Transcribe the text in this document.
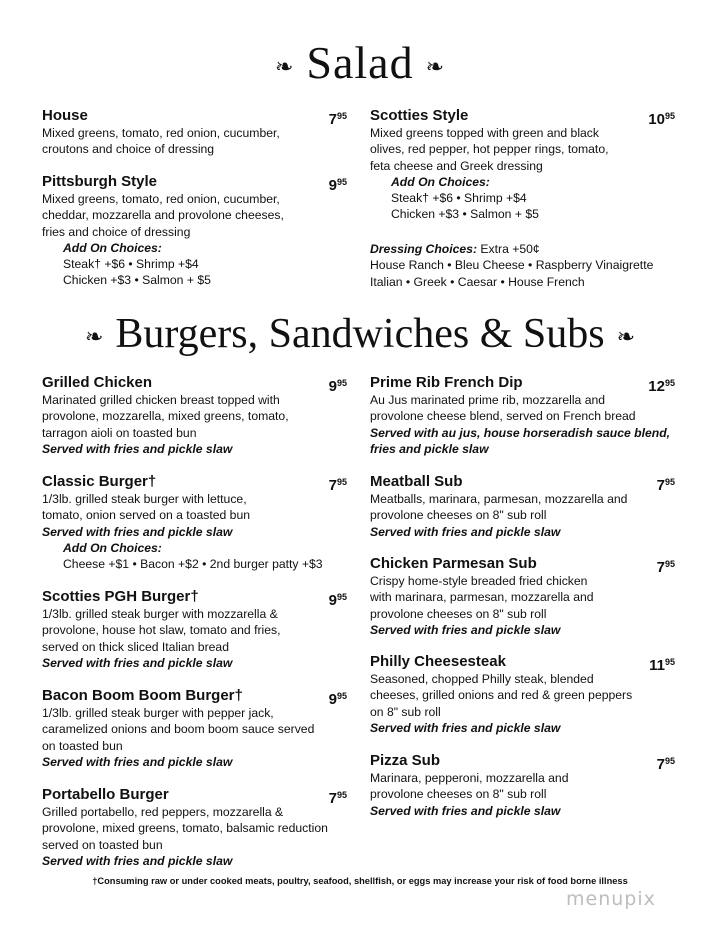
❧ Salad ❧
House	$7^{95}$
Mixed greens, tomato, red onion, cucumber,
croutons and choice of dressing
Pittsburgh Style	$9^{95}$
Mixed greens, tomato, red onion, cucumber,
cheddar, mozzarella and provolone cheeses,
fries and choice of dressing
Add On Choices:
Steak† +$6 • Shrimp +$4
Chicken +$3 • Salmon + $5
Scotties Style	$10^{95}$
Mixed greens topped with green and black
olives, red pepper, hot pepper rings, tomato,
feta cheese and Greek dressing
Add On Choices:
Steak† +$6 • Shrimp +$4
Chicken +$3 • Salmon + $5
Dressing Choices: Extra +50¢
House Ranch • Bleu Cheese • Raspberry Vinaigrette
Italian • Greek • Caesar • House French
❧ Burgers, Sandwiches & Subs ❧
Grilled Chicken	$9^{95}$
Marinated grilled chicken breast topped with
provolone, mozzarella, mixed greens, tomato,
tarragon aioli on toasted bun
Served with fries and pickle slaw
Classic Burger†	$7^{95}$
1/3lb. grilled steak burger with lettuce,
tomato, onion served on a toasted bun
Served with fries and pickle slaw
Add On Choices:
Cheese +$1 • Bacon +$2 • 2nd burger patty +$3
Scotties PGH Burger†	$9^{95}$
1/3lb. grilled steak burger with mozzarella &
provolone, house hot slaw, tomato and fries,
served on thick sliced Italian bread
Served with fries and pickle slaw
Bacon Boom Boom Burger†	$9^{95}$
1/3lb. grilled steak burger with pepper jack,
caramelized onions and boom boom sauce served
on toasted bun
Served with fries and pickle slaw
Portabello Burger	$7^{95}$
Grilled portabello, red peppers, mozzarella &
provolone, mixed greens, tomato, balsamic reduction
served on toasted bun
Served with fries and pickle slaw
Prime Rib French Dip	$12^{95}$
Au Jus marinated prime rib, mozzarella and
provolone cheese blend, served on French bread
Served with au jus, house horseradish sauce blend,
fries and pickle slaw
Meatball Sub	$7^{95}$
Meatballs, marinara, parmesan, mozzarella and
provolone cheeses on 8" sub roll
Served with fries and pickle slaw
Chicken Parmesan Sub	$7^{95}$
Crispy home-style breaded fried chicken
with marinara, parmesan, mozzarella and
provolone cheeses on 8" sub roll
Served with fries and pickle slaw
Philly Cheesesteak	$11^{95}$
Seasoned, chopped Philly steak, blended
cheeses, grilled onions and red & green peppers
on 8" sub roll
Served with fries and pickle slaw
Pizza Sub	$7^{95}$
Marinara, pepperoni, mozzarella and
provolone cheeses on 8" sub roll
Served with fries and pickle slaw
†Consuming raw or under cooked meats, poultry, seafood, shellfish, or eggs may increase your risk of food borne illness
menupix
